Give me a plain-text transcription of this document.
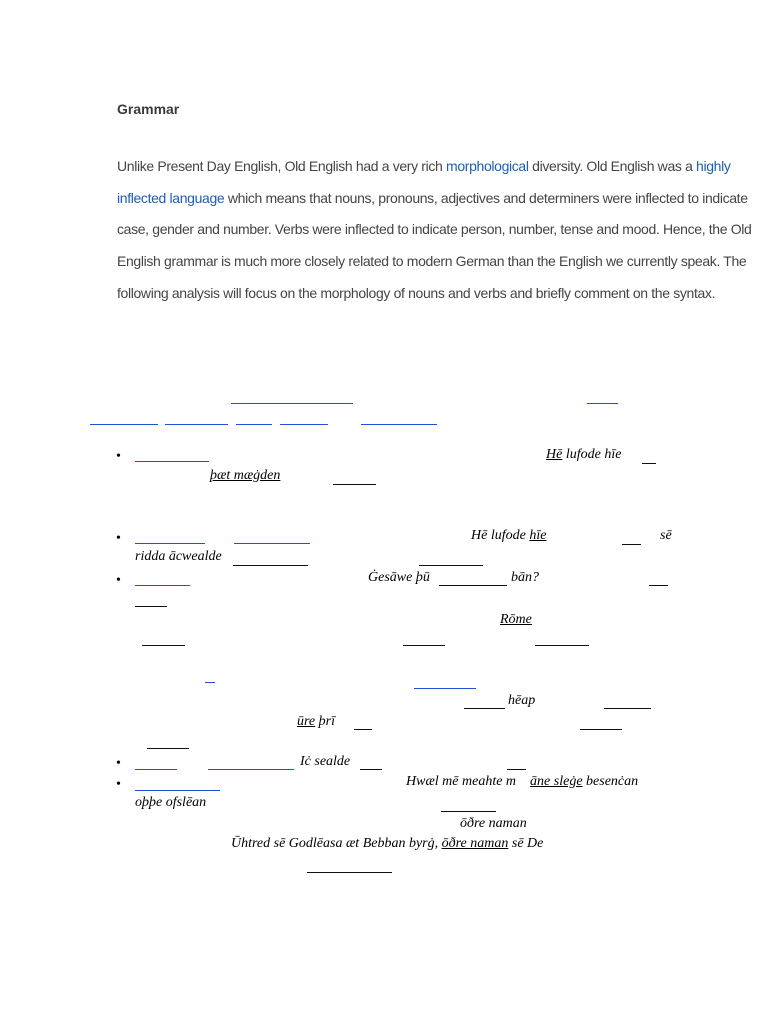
Grammar
Unlike Present Day English, Old English had a very rich morphological diversity. Old English was a highly
inflected language which means that nouns, pronouns, adjectives and determiners were inflected to indicate
case, gender and number. Verbs were inflected to indicate person, number, tense and mood. Hence, the Old
English grammar is much more closely related to modern German than the English we currently speak. The
following analysis will focus on the morphology of nouns and verbs and briefly comment on the syntax.
•	Hē lufode hīe
þæt mæġden
•	Hē lufode hīe	sē
ridda ācwealde
•	Ġesāwe þū	bān?
Rōme
hēap
ūre þrī
•	Iċ sealde
•	Hwæl mē meahte m āne sleġe besenċan
oþþe ofslēan
ōðre naman
Ūhtred sē Godlēasa æt Bebban byrġ, ōðre naman sē De
